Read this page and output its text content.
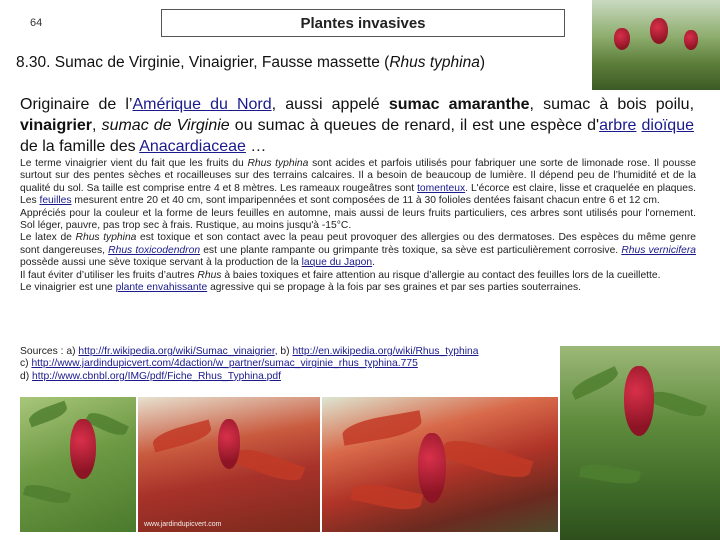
64	Plantes invasives
8.30. Sumac de Virginie, Vinaigrier, Fausse massette (Rhus typhina)
Originaire de l’Amérique du Nord, aussi appelé sumac amaranthe, sumac à bois poilu, vinaigrier, sumac de Virginie ou sumac à queues de renard, il est une espèce d'arbre dioïque de la famille des Anacardiaceae …

Le terme vinaigrier vient du fait que les fruits du Rhus typhina sont acides et parfois utilisés pour fabriquer une sorte de limonade rose. Il pousse surtout sur des pentes sèches et rocailleuses sur des terrains calcaires. Il a besoin de beaucoup de lumière. Il dépend peu de l’humidité et de la qualité du sol. Sa taille est comprise entre 4 et 8 mètres. Les rameaux rougeâtres sont tomenteux. L'écorce est claire, lisse et craquelée en plaques. Les feuilles mesurent entre 20 et 40 cm, sont imparipennées et sont composées de 11 à 30 folioles dentées faisant chacun entre 6 et 12 cm.

Appréciés pour la couleur et la forme de leurs feuilles en automne, mais aussi de leurs fruits particuliers, ces arbres sont utilisés pour l'ornement. Sol léger, pauvre, pas trop sec à frais. Rustique, au moins jusqu'à -15°C.

Le latex de Rhus typhina est toxique et son contact avec la peau peut provoquer des allergies ou des dermatoses. Des espèces du même genre sont dangereuses, Rhus toxicodendron est une plante rampante ou grimpante très toxique, sa sève est particulièrement corrosive. Rhus vernicifera possède aussi une sève toxique servant à la production de la laque du Japon.

Il faut éviter d’utiliser les fruits d’autres Rhus à baies toxiques et faire attention au risque d’allergie au contact des feuilles lors de la cueillette.

Le vinaigrier est une plante envahissante agressive qui se propage à la fois par ses graines et par ses parties souterraines.

Sources : a) http://fr.wikipedia.org/wiki/Sumac_vinaigrier, b) http://en.wikipedia.org/wiki/Rhus_typhina
c) http://www.jardindupicvert.com/4daction/w_partner/sumac_virginie_rhus_typhina.775
d) http://www.cbnbl.org/IMG/pdf/Fiche_Rhus_Typhina.pdf
www.jardindupicvert.com
